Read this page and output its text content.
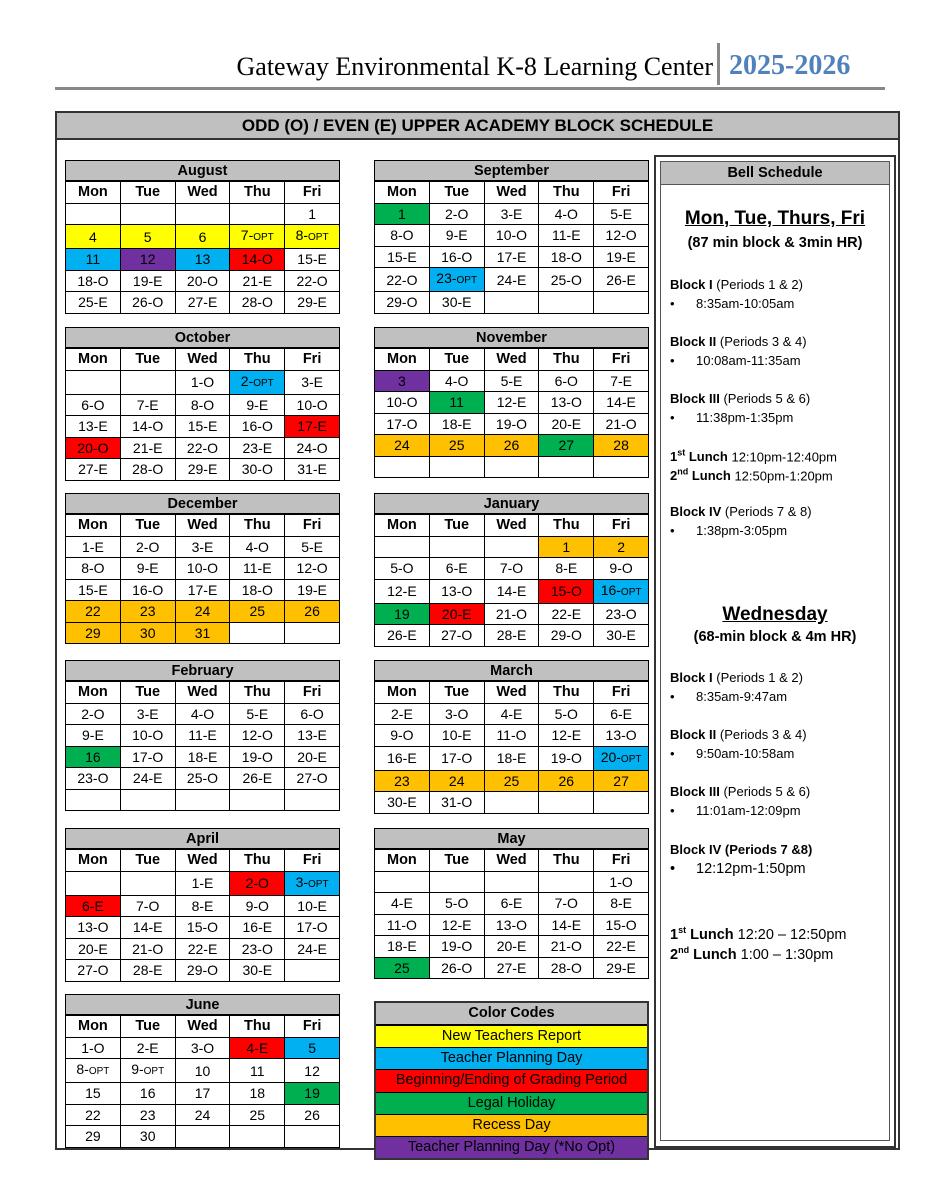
Gateway Environmental K-8 Learning Center 2025-2026
ODD (O) / EVEN (E) UPPER ACADEMY BLOCK SCHEDULE
August
Mon	Tue	Wed	Thu	Fri
				1
4	5	6	7-OPT	8-OPT
11	12	13	14-O	15-E
18-O	19-E	20-O	21-E	22-O
25-E	26-O	27-E	28-O	29-E
September
Mon	Tue	Wed	Thu	Fri
1	2-O	3-E	4-O	5-E
8-O	9-E	10-O	11-E	12-O
15-E	16-O	17-E	18-O	19-E
22-O	23-OPT	24-E	25-O	26-E
29-O	30-E			
October
Mon	Tue	Wed	Thu	Fri
		1-O	2-OPT	3-E
6-O	7-E	8-O	9-E	10-O
13-E	14-O	15-E	16-O	17-E
20-O	21-E	22-O	23-E	24-O
27-E	28-O	29-E	30-O	31-E
November
Mon	Tue	Wed	Thu	Fri
3	4-O	5-E	6-O	7-E
10-O	11	12-E	13-O	14-E
17-O	18-E	19-O	20-E	21-O
24	25	26	27	28

December
Mon	Tue	Wed	Thu	Fri
1-E	2-O	3-E	4-O	5-E
8-O	9-E	10-O	11-E	12-O
15-E	16-O	17-E	18-O	19-E
22	23	24	25	26
29	30	31		
January
Mon	Tue	Wed	Thu	Fri
			1	2
5-O	6-E	7-O	8-E	9-O
12-E	13-O	14-E	15-O	16-OPT
19	20-E	21-O	22-E	23-O
26-E	27-O	28-E	29-O	30-E
February
Mon	Tue	Wed	Thu	Fri
2-O	3-E	4-O	5-E	6-O
9-E	10-O	11-E	12-O	13-E
16	17-O	18-E	19-O	20-E
23-O	24-E	25-O	26-E	27-O

March
Mon	Tue	Wed	Thu	Fri
2-E	3-O	4-E	5-O	6-E
9-O	10-E	11-O	12-E	13-O
16-E	17-O	18-E	19-O	20-OPT
23	24	25	26	27
30-E	31-O			
April
Mon	Tue	Wed	Thu	Fri
		1-E	2-O	3-OPT
6-E	7-O	8-E	9-O	10-E
13-O	14-E	15-O	16-E	17-O
20-E	21-O	22-E	23-O	24-E
27-O	28-E	29-O	30-E	
May
Mon	Tue	Wed	Thu	Fri
				1-O
4-E	5-O	6-E	7-O	8-E
11-O	12-E	13-O	14-E	15-O
18-E	19-O	20-E	21-O	22-E
25	26-O	27-E	28-O	29-E
June
Mon	Tue	Wed	Thu	Fri
1-O	2-E	3-O	4-E	5
8-OPT	9-OPT	10	11	12
15	16	17	18	19
22	23	24	25	26
29	30			
Color Codes
New Teachers Report
Teacher Planning Day
Beginning/Ending of Grading Period
Legal Holiday
Recess Day
Teacher Planning Day (*No Opt)
Bell Schedule
Mon, Tue, Thurs, Fri
(87 min block & 3min HR)
Block I (Periods 1 & 2)
• 8:35am-10:05am
Block II (Periods 3 & 4)
• 10:08am-11:35am
Block III (Periods 5 & 6)
• 11:38pm-1:35pm
1st Lunch 12:10pm-12:40pm
2nd Lunch 12:50pm-1:20pm
Block IV (Periods 7 & 8)
• 1:38pm-3:05pm
Wednesday
(68-min block & 4m HR)
Block I (Periods 1 & 2)
• 8:35am-9:47am
Block II (Periods 3 & 4)
• 9:50am-10:58am
Block III (Periods 5 & 6)
• 11:01am-12:09pm
Block IV (Periods 7 &8)
• 12:12pm-1:50pm
1st Lunch 12:20 – 12:50pm
2nd Lunch 1:00 – 1:30pm
